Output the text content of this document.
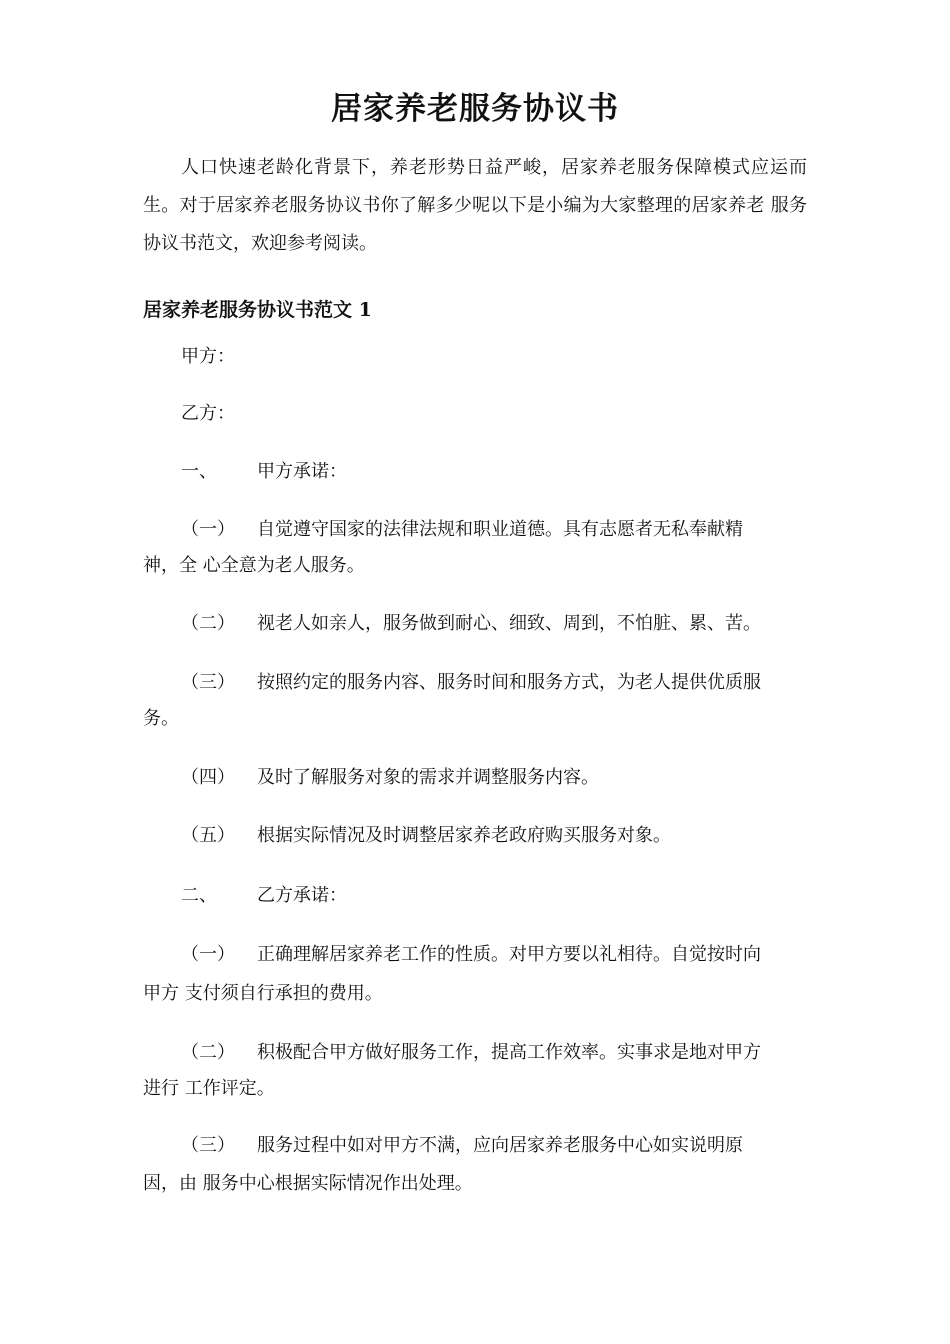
居家养老服务协议书

人口快速老龄化背景下，养老形势日益严峻，居家养老服务保障模式应运而 生。对于居家养老服务协议书你了解多少呢以下是小编为大家整理的居家养老 服务协议书范文，欢迎参考阅读。

居家养老服务协议书范文 1
甲方：
乙方：
一、 甲方承诺：
（一） 自觉遵守国家的法律法规和职业道德。具有志愿者无私奉献精
神，全 心全意为老人服务。
（二） 视老人如亲人，服务做到耐心、细致、周到，不怕脏、累、苦。
（三） 按照约定的服务内容、服务时间和服务方式，为老人提供优质服
务。
（四） 及时了解服务对象的需求并调整服务内容。
（五） 根据实际情况及时调整居家养老政府购买服务对象。
二、 乙方承诺：
（一） 正确理解居家养老工作的性质。对甲方要以礼相待。自觉按时向
甲方 支付须自行承担的费用。
（二） 积极配合甲方做好服务工作，提高工作效率。实事求是地对甲方
进行 工作评定。
（三） 服务过程中如对甲方不满，应向居家养老服务中心如实说明原
因，由 服务中心根据实际情况作出处理。
